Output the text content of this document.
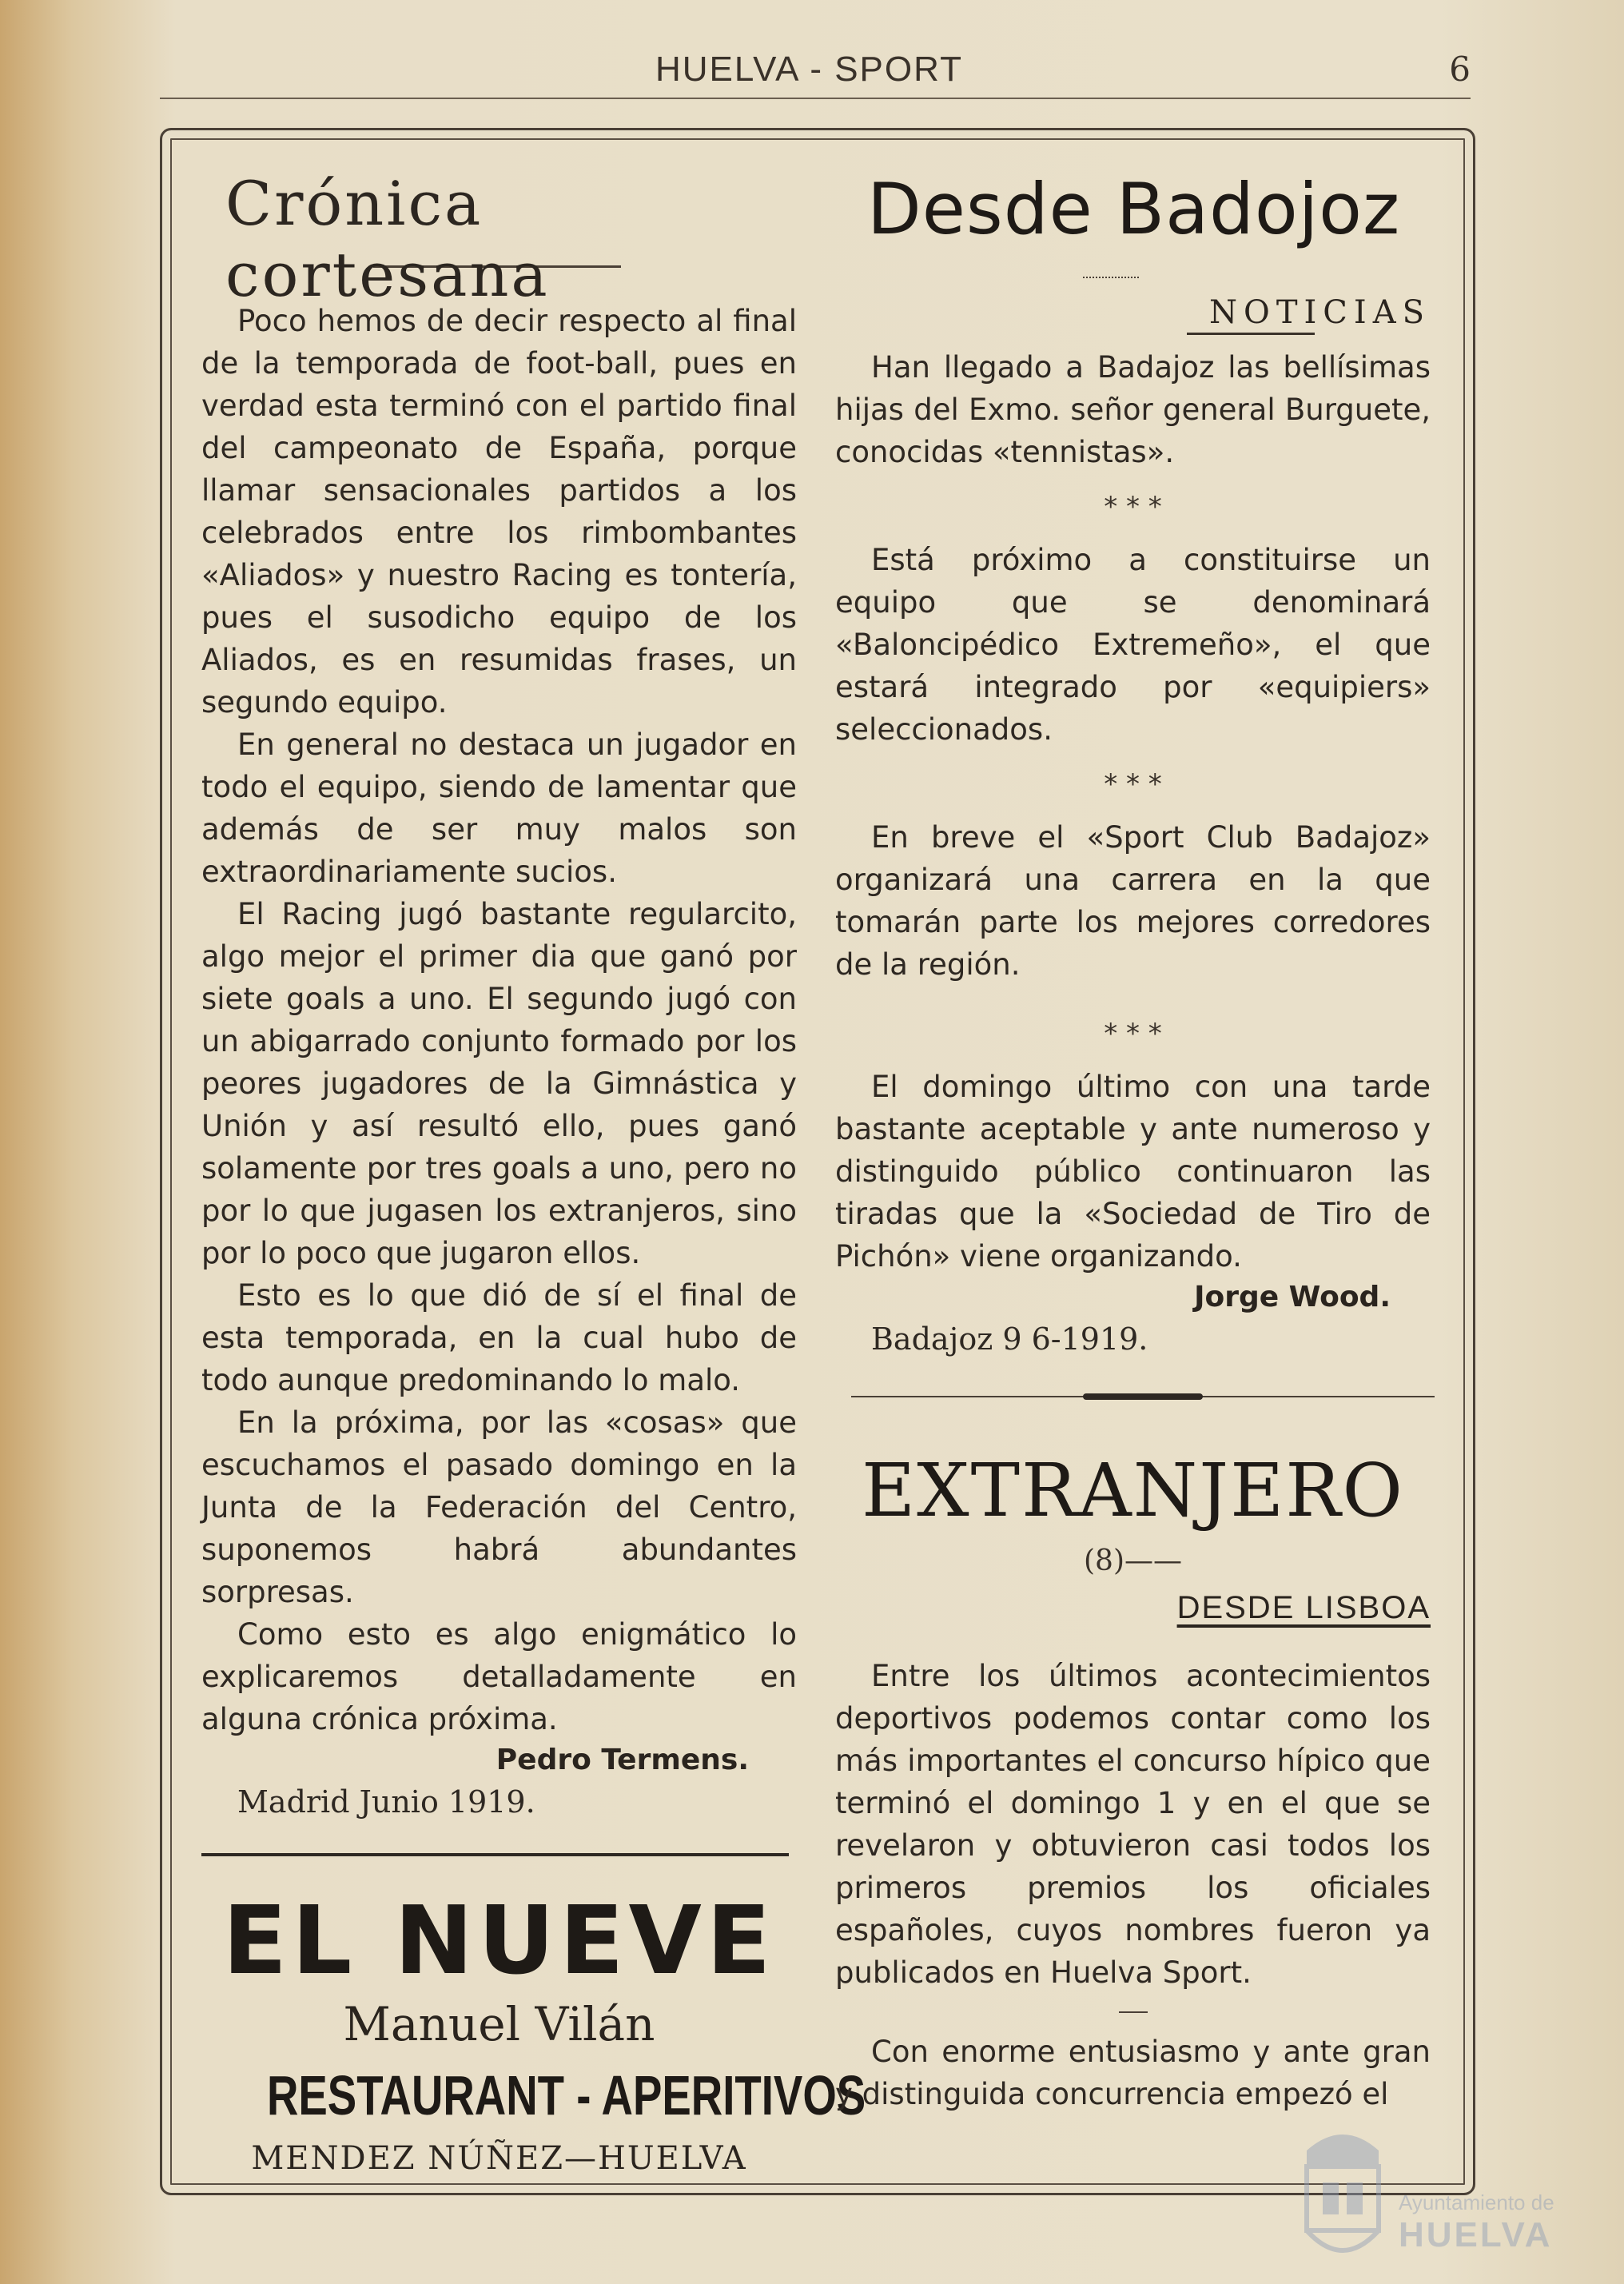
HUELVA - SPORT	6
Crónica cortesana

Poco hemos de decir respecto al final de la temporada de foot-ball, pues en verdad esta terminó con el partido final del campeonato de España, porque llamar sensacionales partidos a los celebrados entre los rimbombantes «Aliados» y nuestro Racing es tontería, pues el susodicho equipo de los Aliados, es en resumidas frases, un segundo equipo.

En general no destaca un jugador en todo el equipo, siendo de lamentar que además de ser muy malos son extraordinariamente sucios.

El Racing jugó bastante regularcito, algo mejor el primer dia que ganó por siete goals a uno. El segundo jugó con un abigarrado conjunto formado por los peores jugadores de la Gimnástica y Unión y así resultó ello, pues ganó solamente por tres goals a uno, pero no por lo que jugasen los extranjeros, sino por lo poco que jugaron ellos.

Esto es lo que dió de sí el final de esta temporada, en la cual hubo de todo aunque predominando lo malo.

En la próxima, por las «cosas» que escuchamos el pasado domingo en la Junta de la Federación del Centro, suponemos habrá abundantes sorpresas.

Como esto es algo enigmático lo explicaremos detalladamente en alguna crónica próxima.

Pedro Termens.
Madrid Junio 1919.
EL NUEVE
Manuel Vilán
RESTAURANT - APERITIVOS
MENDEZ NÚÑEZ—HUELVA
Desde Badojoz
NOTICIAS

Han llegado a Badajoz las bellísimas hijas del Exmo. señor general Burguete, conocidas «tennistas».

* * *

Está próximo a constituirse un equipo que se denominará «Baloncipédico Extremeño», el que estará integrado por «equipiers» seleccionados.

* * *

En breve el «Sport Club Badajoz» organizará una carrera en la que tomarán parte los mejores corredores de la región.

* * *

El domingo último con una tarde bastante aceptable y ante numeroso y distinguido público continuaron las tiradas que la «Sociedad de Tiro de Pichón» viene organizando.

Jorge Wood.
Badajoz 9 6-1919.
EXTRANJERO
(8)——
DESDE LISBOA

Entre los últimos acontecimientos deportivos podemos contar como los más importantes el concurso hípico que terminó el domingo 1 y en el que se revelaron y obtuvieron casi todos los primeros premios los oficiales españoles, cuyos nombres fueron ya publicados en Huelva Sport.

Con enorme entusiasmo y ante gran y distinguida concurrencia empezó el

Ayuntamiento de
HUELVA
